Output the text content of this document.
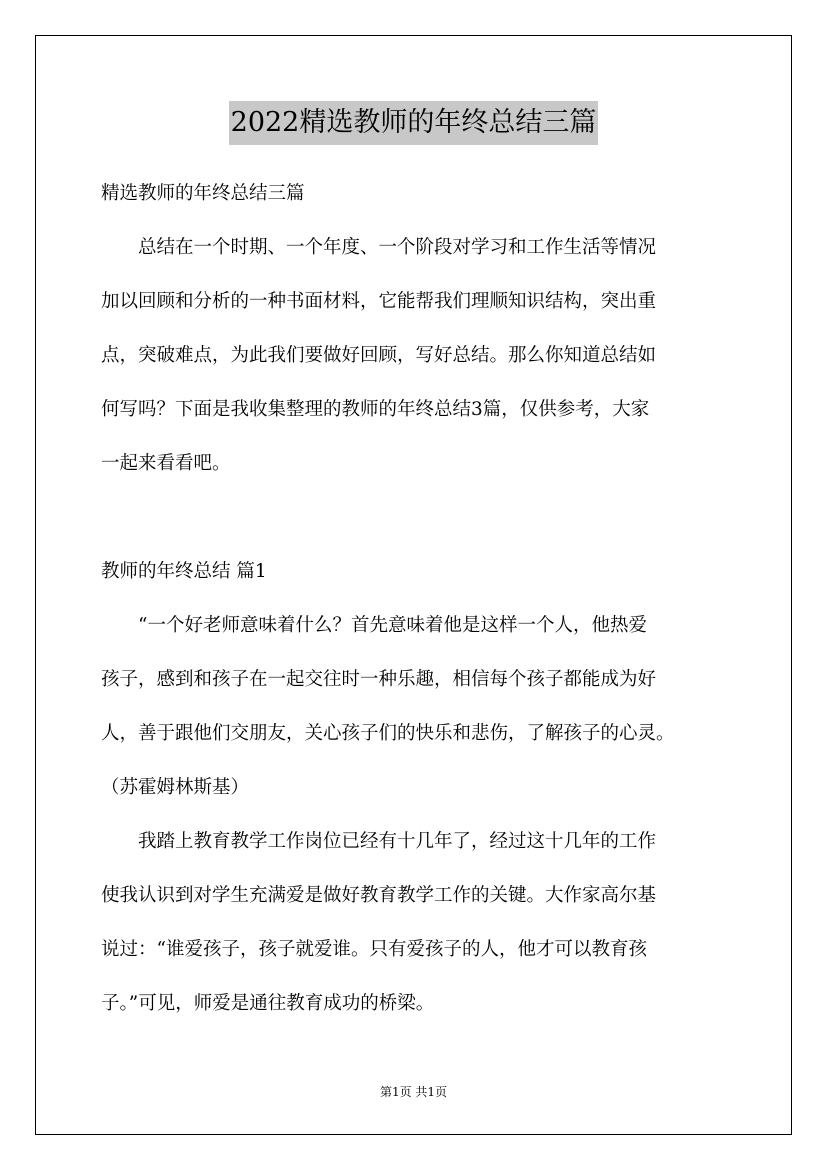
2022精选教师的年终总结三篇
精选教师的年终总结三篇
　　总结在一个时期、一个年度、一个阶段对学习和工作生活等情况
加以回顾和分析的一种书面材料，它能帮我们理顺知识结构，突出重
点，突破难点，为此我们要做好回顾，写好总结。那么你知道总结如
何写吗？下面是我收集整理的教师的年终总结3篇，仅供参考，大家
一起来看看吧。
教师的年终总结 篇1
　　“一个好老师意味着什么？首先意味着他是这样一个人，他热爱
孩子，感到和孩子在一起交往时一种乐趣，相信每个孩子都能成为好
人，善于跟他们交朋友，关心孩子们的快乐和悲伤，了解孩子的心灵。
（苏霍姆林斯基）
　　我踏上教育教学工作岗位已经有十几年了，经过这十几年的工作
使我认识到对学生充满爱是做好教育教学工作的关键。大作家高尔基
说过：“谁爱孩子，孩子就爱谁。只有爱孩子的人，他才可以教育孩
子。”可见，师爱是通往教育成功的桥梁。
第1页 共1页
